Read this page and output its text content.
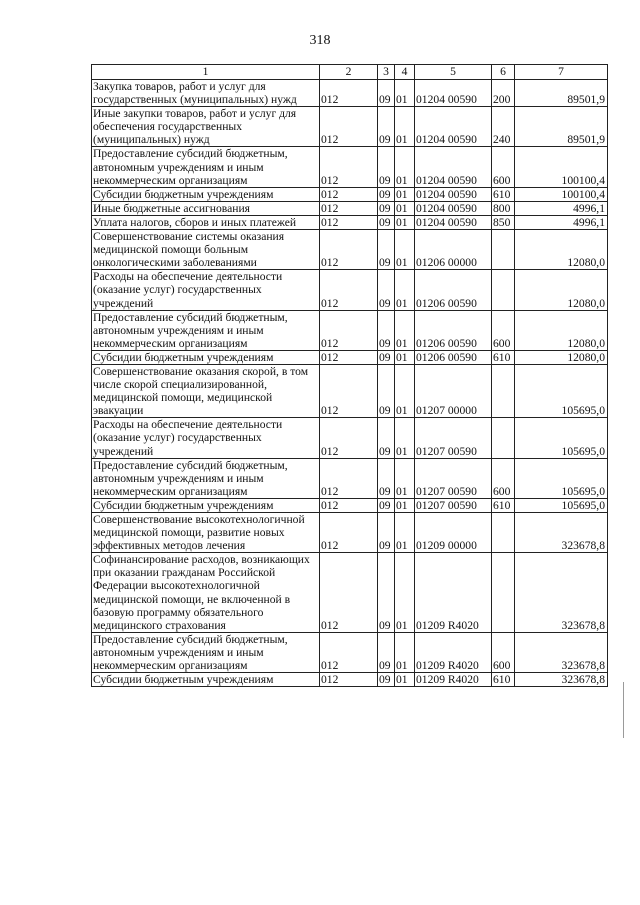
318
1	2	3	4	5	6	7
Закупка товаров, работ и услуг для государственных (муниципальных) нужд	012	09	01	01204 00590	200	89501,9
Иные закупки товаров, работ и услуг для обеспечения государственных (муниципальных) нужд	012	09	01	01204 00590	240	89501,9
Предоставление субсидий бюджетным, автономным учреждениям и иным некоммерческим организациям	012	09	01	01204 00590	600	100100,4
Субсидии бюджетным учреждениям	012	09	01	01204 00590	610	100100,4
Иные бюджетные ассигнования	012	09	01	01204 00590	800	4996,1
Уплата налогов, сборов и иных платежей	012	09	01	01204 00590	850	4996,1
Совершенствование системы оказания медицинской помощи больным онкологическими заболеваниями	012	09	01	01206 00000		12080,0
Расходы на обеспечение деятельности (оказание услуг) государственных учреждений	012	09	01	01206 00590		12080,0
Предоставление субсидий бюджетным, автономным учреждениям и иным некоммерческим организациям	012	09	01	01206 00590	600	12080,0
Субсидии бюджетным учреждениям	012	09	01	01206 00590	610	12080,0
Совершенствование оказания скорой, в том числе скорой специализированной, медицинской помощи, медицинской эвакуации	012	09	01	01207 00000		105695,0
Расходы на обеспечение деятельности (оказание услуг) государственных учреждений	012	09	01	01207 00590		105695,0
Предоставление субсидий бюджетным, автономным учреждениям и иным некоммерческим организациям	012	09	01	01207 00590	600	105695,0
Субсидии бюджетным учреждениям	012	09	01	01207 00590	610	105695,0
Совершенствование высокотехнологичной медицинской помощи, развитие новых эффективных методов лечения	012	09	01	01209 00000		323678,8
Софинансирование расходов, возникающих при оказании гражданам Российской Федерации высокотехнологичной медицинской помощи, не включенной в базовую программу обязательного медицинского страхования	012	09	01	01209 R4020		323678,8
Предоставление субсидий бюджетным, автономным учреждениям и иным некоммерческим организациям	012	09	01	01209 R4020	600	323678,8
Субсидии бюджетным учреждениям	012	09	01	01209 R4020	610	323678,8
